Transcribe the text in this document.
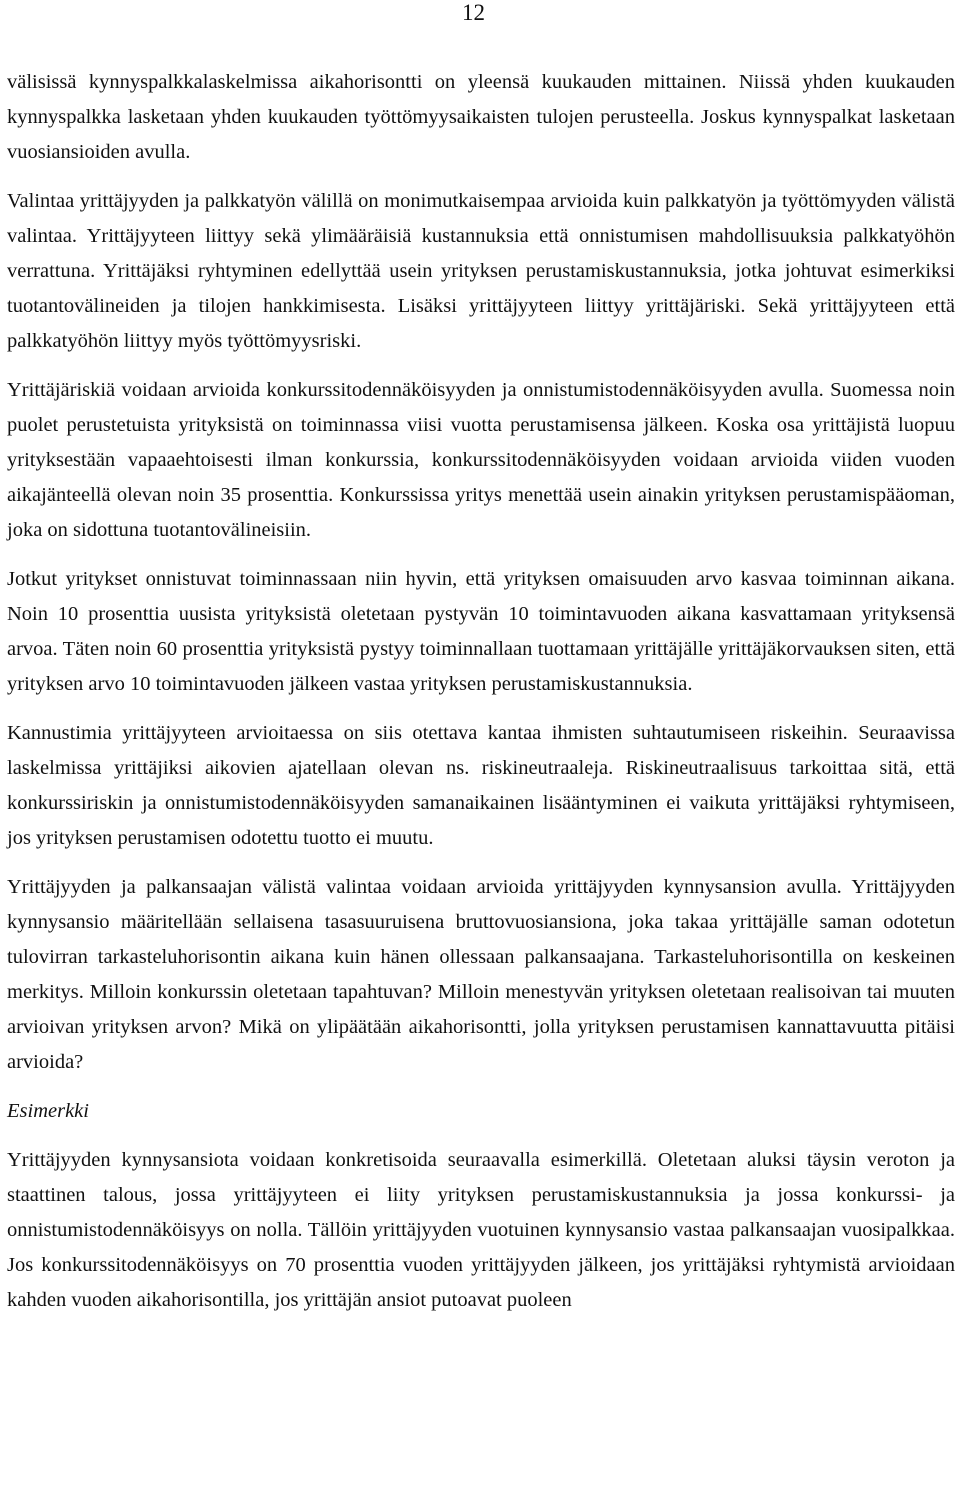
12

välisissä kynnyspalkkalaskelmissa aikahorisontti on yleensä kuukauden mittainen. Niissä yhden kuukauden kynnyspalkka lasketaan yhden kuukauden työttömyysaikaisten tulojen perusteella. Joskus kynnyspalkat lasketaan vuosiansioiden avulla.

Valintaa yrittäjyyden ja palkkatyön välillä on monimutkaisempaa arvioida kuin palkkatyön ja työttömyyden välistä valintaa. Yrittäjyyteen liittyy sekä ylimääräisiä kustannuksia että onnistumisen mahdollisuuksia palkkatyöhön verrattuna. Yrittäjäksi ryhtyminen edellyttää usein yrityksen perustamiskustannuksia, jotka johtuvat esimerkiksi tuotantovälineiden ja tilojen hankkimisesta. Lisäksi yrittäjyyteen liittyy yrittäjäriski. Sekä yrittäjyyteen että palkkatyöhön liittyy myös työttömyysriski.

Yrittäjäriskiä voidaan arvioida konkurssitodennäköisyyden ja onnistumistodennäköisyyden avulla. Suomessa noin puolet perustetuista yrityksistä on toiminnassa viisi vuotta perustamisensa jälkeen. Koska osa yrittäjistä luopuu yrityksestään vapaaehtoisesti ilman konkurssia, konkurssitodennäköisyyden voidaan arvioida viiden vuoden aikajänteellä olevan noin 35 prosenttia. Konkurssissa yritys menettää usein ainakin yrityksen perustamispääoman, joka on sidottuna tuotantovälineisiin.

Jotkut yritykset onnistuvat toiminnassaan niin hyvin, että yrityksen omaisuuden arvo kasvaa toiminnan aikana. Noin 10 prosenttia uusista yrityksistä oletetaan pystyvän 10 toimintavuoden aikana kasvattamaan yrityksensä arvoa. Täten noin 60 prosenttia yrityksistä pystyy toiminnallaan tuottamaan yrittäjälle yrittäjäkorvauksen siten, että yrityksen arvo 10 toimintavuoden jälkeen vastaa yrityksen perustamiskustannuksia.

Kannustimia yrittäjyyteen arvioitaessa on siis otettava kantaa ihmisten suhtautumiseen riskeihin. Seuraavissa laskelmissa yrittäjiksi aikovien ajatellaan olevan ns. riskineutraaleja. Riskineutraalisuus tarkoittaa sitä, että konkurssiriskin ja onnistumistodennäköisyyden samanaikainen lisääntyminen ei vaikuta yrittäjäksi ryhtymiseen, jos yrityksen perustamisen odotettu tuotto ei muutu.

Yrittäjyyden ja palkansaajan välistä valintaa voidaan arvioida yrittäjyyden kynnysansion avulla. Yrittäjyyden kynnysansio määritellään sellaisena tasasuuruisena bruttovuosiansiona, joka takaa yrittäjälle saman odotetun tulovirran tarkasteluhorisontin aikana kuin hänen ollessaan palkansaajana. Tarkasteluhorisontilla on keskeinen merkitys. Milloin konkurssin oletetaan tapahtuvan? Milloin menestyvän yrityksen oletetaan realisoivan tai muuten arvioivan yrityksen arvon? Mikä on ylipäätään aikahorisontti, jolla yrityksen perustamisen kannattavuutta pitäisi arvioida?

Esimerkki

Yrittäjyyden kynnysansiota voidaan konkretisoida seuraavalla esimerkillä. Oletetaan aluksi täysin veroton ja staattinen talous, jossa yrittäjyyteen ei liity yrityksen perustamiskustannuksia ja jossa konkurssi- ja onnistumistodennäköisyys on nolla. Tällöin yrittäjyyden vuotuinen kynnysansio vastaa palkansaajan vuosipalkkaa. Jos konkurssitodennäköisyys on 70 prosenttia vuoden yrittäjyyden jälkeen, jos yrittäjäksi ryhtymistä arvioidaan kahden vuoden aikahorisontilla, jos yrittäjän ansiot putoavat puoleen
